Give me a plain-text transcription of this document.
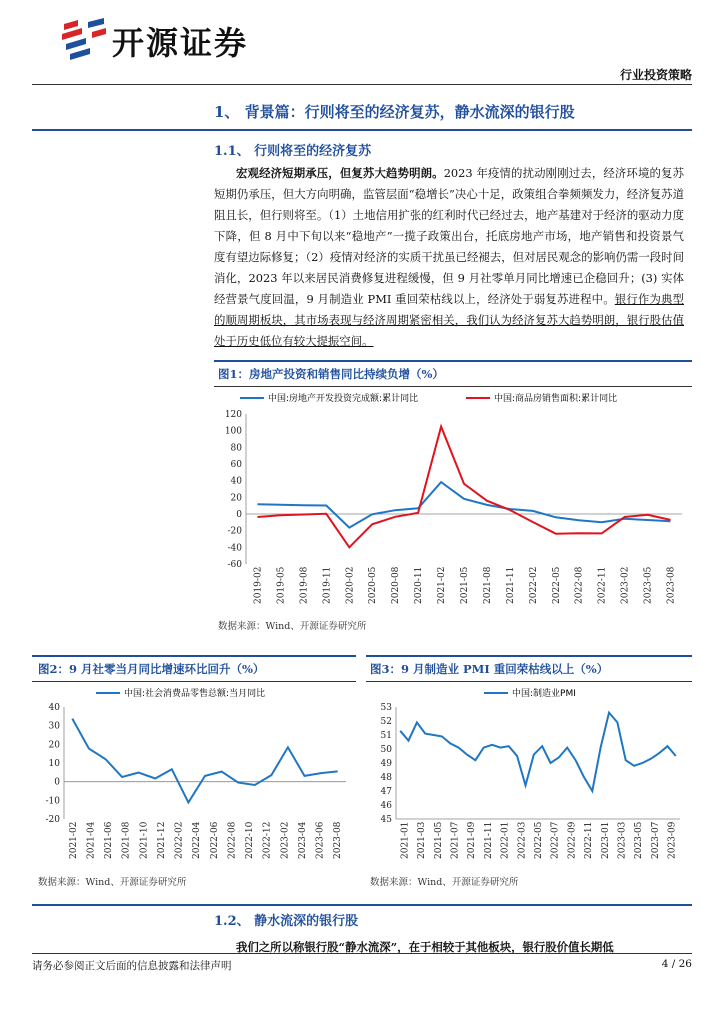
开源证券
行业投资策略
1、 背景篇：行则将至的经济复苏，静水流深的银行股
1.1、 行则将至的经济复苏
宏观经济短期承压，但复苏大趋势明朗。2023 年疫情的扰动刚刚过去，经济环境的复苏短期仍承压，但大方向明确，监管层面“稳增长”决心十足，政策组合拳频频发力，经济复苏道阻且长，但行则将至。（1）土地信用扩张的红利时代已经过去，地产基建对于经济的驱动力度下降，但 8 月中下旬以来“稳地产”一揽子政策出台，托底房地产市场，地产销售和投资景气度有望边际修复；（2）疫情对经济的实质干扰虽已经褪去，但对居民观念的影响仍需一段时间消化，2023 年以来居民消费修复进程缓慢，但 9 月社零单月同比增速已企稳回升；(3) 实体经营景气度回温，9 月制造业 PMI 重回荣枯线以上，经济处于弱复苏进程中。银行作为典型的顺周期板块，其市场表现与经济周期紧密相关，我们认为经济复苏大趋势明朗，银行股估值处于历史低位有较大提振空间。
图1：房地产投资和销售同比持续负增（%）
120
100
80
60
40
20
0
-20
-40
-60
2019-02 2019-05 2019-08 2019-11 2020-02 2020-05 2020-08 2020-11 2021-02 2021-05 2021-08 2021-11 2022-02 2022-05 2022-08 2022-11 2023-02 2023-05 2023-08
中国:房地产开发投资完成额:累计同比	中国:商品房销售面积:累计同比
数据来源：Wind、开源证券研究所
图2：9 月社零当月同比增速环比回升（%）
40
30
20
10
0
-10
-20
2021-02 2021-04 2021-06 2021-08 2021-10 2021-12 2022-02 2022-04 2022-06 2022-08 2022-10 2022-12 2023-02 2023-04 2023-06 2023-08
中国:社会消费品零售总额:当月同比
数据来源：Wind、开源证券研究所
图3：9 月制造业 PMI 重回荣枯线以上（%）
53
52
51
50
49
48
47
46
45
2021-01 2021-03 2021-05 2021-07 2021-09 2021-11 2022-01 2022-03 2022-05 2022-07 2022-09 2022-11 2023-01 2023-03 2023-05 2023-07 2023-09
中国:制造业PMI
数据来源：Wind、开源证券研究所
1.2、 静水流深的银行股
我们之所以称银行股“静水流深”，在于相较于其他板块，银行股价值长期低
请务必参阅正文后面的信息披露和法律声明	4 / 26
